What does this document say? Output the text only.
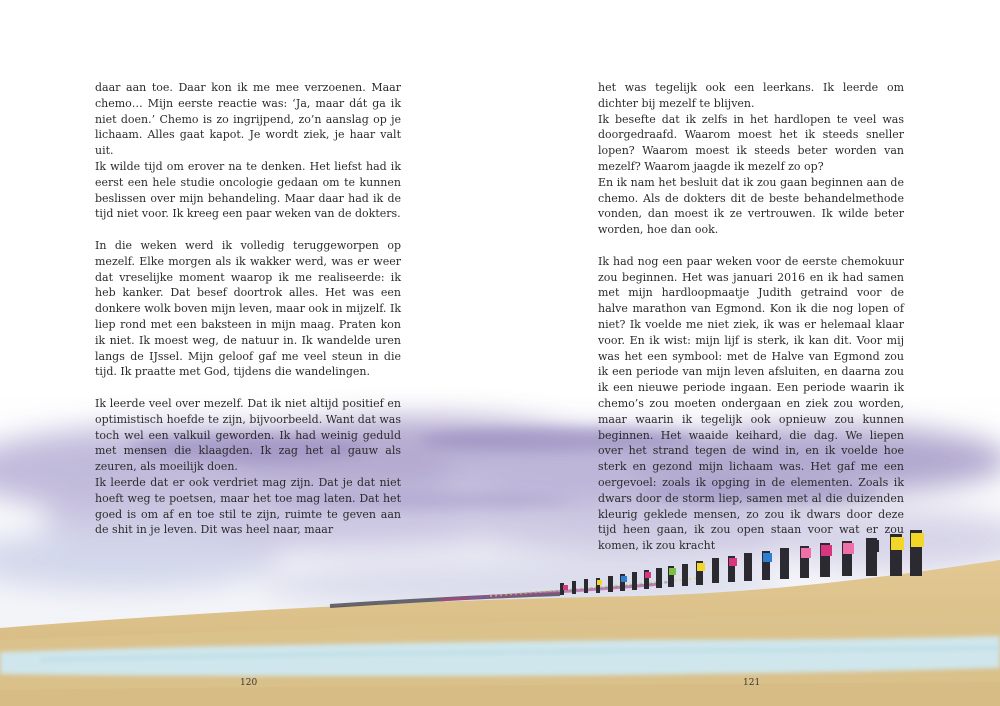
daar aan toe. Daar kon ik me mee verzoenen. Maar chemo… Mijn eerste reactie was: ‘Ja, maar dát ga ik niet doen.’ Chemo is zo ingrijpend, zo’n aanslag op je lichaam. Alles gaat kapot. Je wordt ziek, je haar valt uit.

Ik wilde tijd om erover na te denken. Het liefst had ik eerst een hele studie oncologie gedaan om te kunnen beslissen over mijn behandeling. Maar daar had ik de tijd niet voor. Ik kreeg een paar weken van de dokters.

In die weken werd ik volledig teruggeworpen op mezelf. Elke morgen als ik wakker werd, was er weer dat vreselijke moment waarop ik me realiseerde: ik heb kanker. Dat besef doortrok alles. Het was een donkere wolk boven mijn leven, maar ook in mijzelf. Ik liep rond met een baksteen in mijn maag. Praten kon ik niet. Ik moest weg, de natuur in. Ik wandelde uren langs de IJssel. Mijn geloof gaf me veel steun in die tijd. Ik praatte met God, tijdens die wandelingen.

Ik leerde veel over mezelf. Dat ik niet altijd positief en optimistisch hoefde te zijn, bijvoorbeeld. Want dat was toch wel een valkuil geworden. Ik had weinig geduld met mensen die klaagden. Ik zag het al gauw als zeuren, als moeilijk doen.

Ik leerde dat er ook verdriet mag zijn. Dat je dat niet hoeft weg te poetsen, maar het toe mag laten. Dat het goed is om af en toe stil te zijn, ruimte te geven aan de shit in je leven. Dit was heel naar, maar

het was tegelijk ook een leerkans. Ik leerde om dichter bij mezelf te blijven.

Ik besefte dat ik zelfs in het hardlopen te veel was doorgedraafd. Waarom moest het ik steeds sneller lopen? Waarom moest ik steeds beter worden van mezelf? Waarom jaagde ik mezelf zo op?

En ik nam het besluit dat ik zou gaan beginnen aan de chemo. Als de dokters dit de beste behandelmethode vonden, dan moest ik ze vertrouwen. Ik wilde beter worden, hoe dan ook.

Ik had nog een paar weken voor de eerste chemokuur zou beginnen. Het was januari 2016 en ik had samen met mijn hardloopmaatje Judith getraind voor de halve marathon van Egmond. Kon ik die nog lopen of niet? Ik voelde me niet ziek, ik was er helemaal klaar voor. En ik wist: mijn lijf is sterk, ik kan dit. Voor mij was het een symbool: met de Halve van Egmond zou ik een periode van mijn leven afsluiten, en daarna zou ik een nieuwe periode ingaan. Een periode waarin ik chemo’s zou moeten ondergaan en ziek zou worden, maar waarin ik tegelijk ook opnieuw zou kunnen beginnen. Het waaide keihard, die dag. We liepen over het strand tegen de wind in, en ik voelde hoe sterk en gezond mijn lichaam was. Het gaf me een oergevoel: zoals ik opging in de elementen. Zoals ik dwars door de storm liep, samen met al die duizenden kleurig geklede mensen, zo zou ik dwars door deze tijd heen gaan, ik zou open staan voor wat er zou komen, ik zou kracht

120	121
